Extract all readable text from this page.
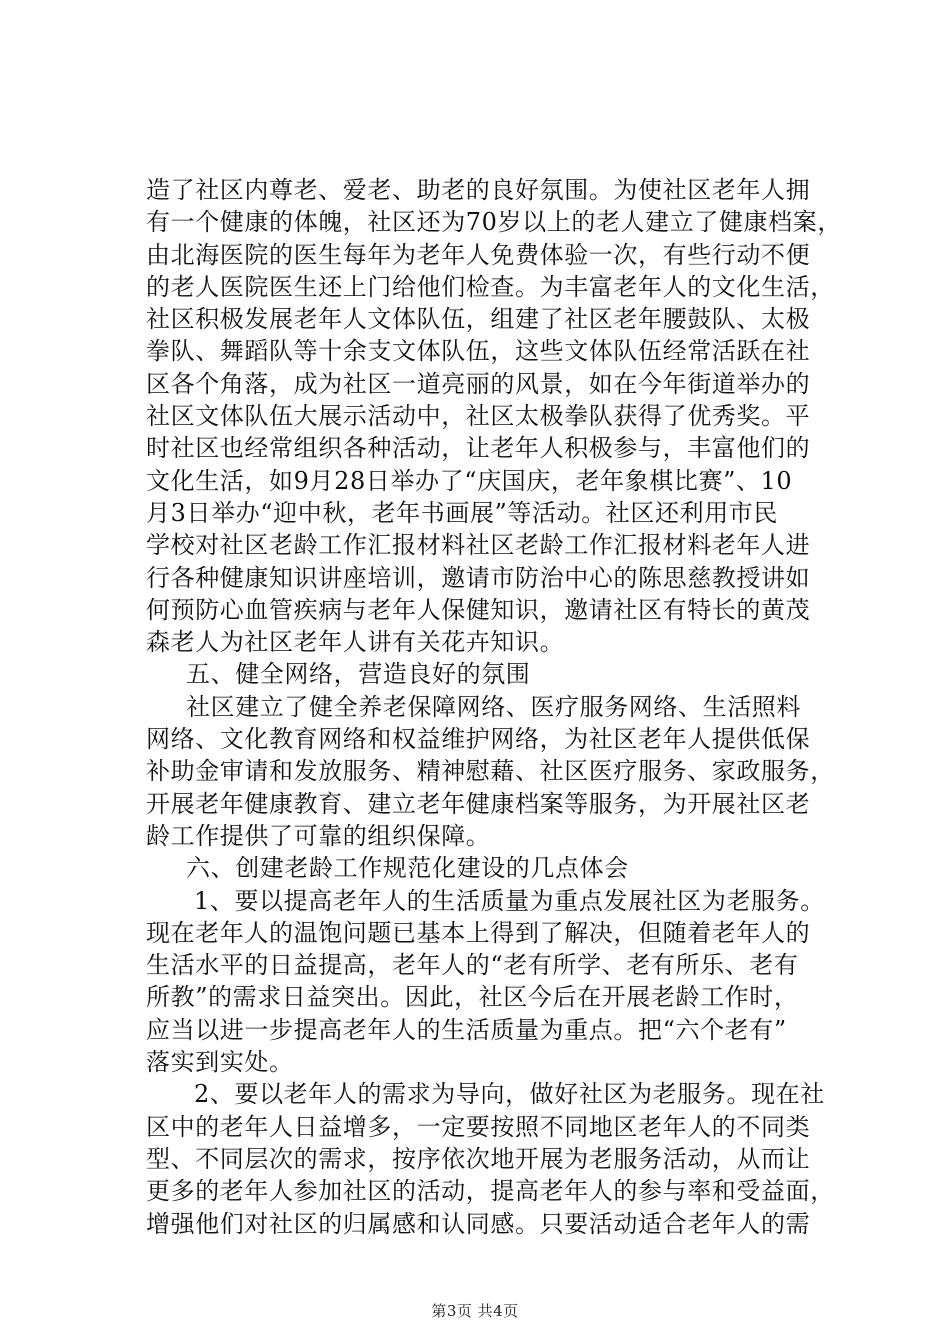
造了社区内尊老、爱老、助老的良好氛围。为使社区老年人拥
有一个健康的体魄，社区还为70岁以上的老人建立了健康档案，
由北海医院的医生每年为老年人免费体验一次，有些行动不便
的老人医院医生还上门给他们检查。为丰富老年人的文化生活，
社区积极发展老年人文体队伍，组建了社区老年腰鼓队、太极
拳队、舞蹈队等十余支文体队伍，这些文体队伍经常活跃在社
区各个角落，成为社区一道亮丽的风景，如在今年街道举办的
社区文体队伍大展示活动中，社区太极拳队获得了优秀奖。平
时社区也经常组织各种活动，让老年人积极参与，丰富他们的
文化生活，如9月28日举办了“庆国庆，老年象棋比赛”、10
月3日举办“迎中秋，老年书画展”等活动。社区还利用市民
学校对社区老龄工作汇报材料社区老龄工作汇报材料老年人进
行各种健康知识讲座培训，邀请市防治中心的陈思慈教授讲如
何预防心血管疾病与老年人保健知识，邀请社区有特长的黄茂
森老人为社区老年人讲有关花卉知识。
五、健全网络，营造良好的氛围
社区建立了健全养老保障网络、医疗服务网络、生活照料
网络、文化教育网络和权益维护网络，为社区老年人提供低保
补助金审请和发放服务、精神慰藉、社区医疗服务、家政服务，
开展老年健康教育、建立老年健康档案等服务，为开展社区老
龄工作提供了可靠的组织保障。
六、创建老龄工作规范化建设的几点体会
1、要以提高老年人的生活质量为重点发展社区为老服务。
现在老年人的温饱问题已基本上得到了解决，但随着老年人的
生活水平的日益提高，老年人的“老有所学、老有所乐、老有
所教”的需求日益突出。因此，社区今后在开展老龄工作时，
应当以进一步提高老年人的生活质量为重点。把“六个老有”
落实到实处。
2、要以老年人的需求为导向，做好社区为老服务。现在社
区中的老年人日益增多，一定要按照不同地区老年人的不同类
型、不同层次的需求，按序依次地开展为老服务活动，从而让
更多的老年人参加社区的活动，提高老年人的参与率和受益面，
增强他们对社区的归属感和认同感。只要活动适合老年人的需
第3页 共4页
